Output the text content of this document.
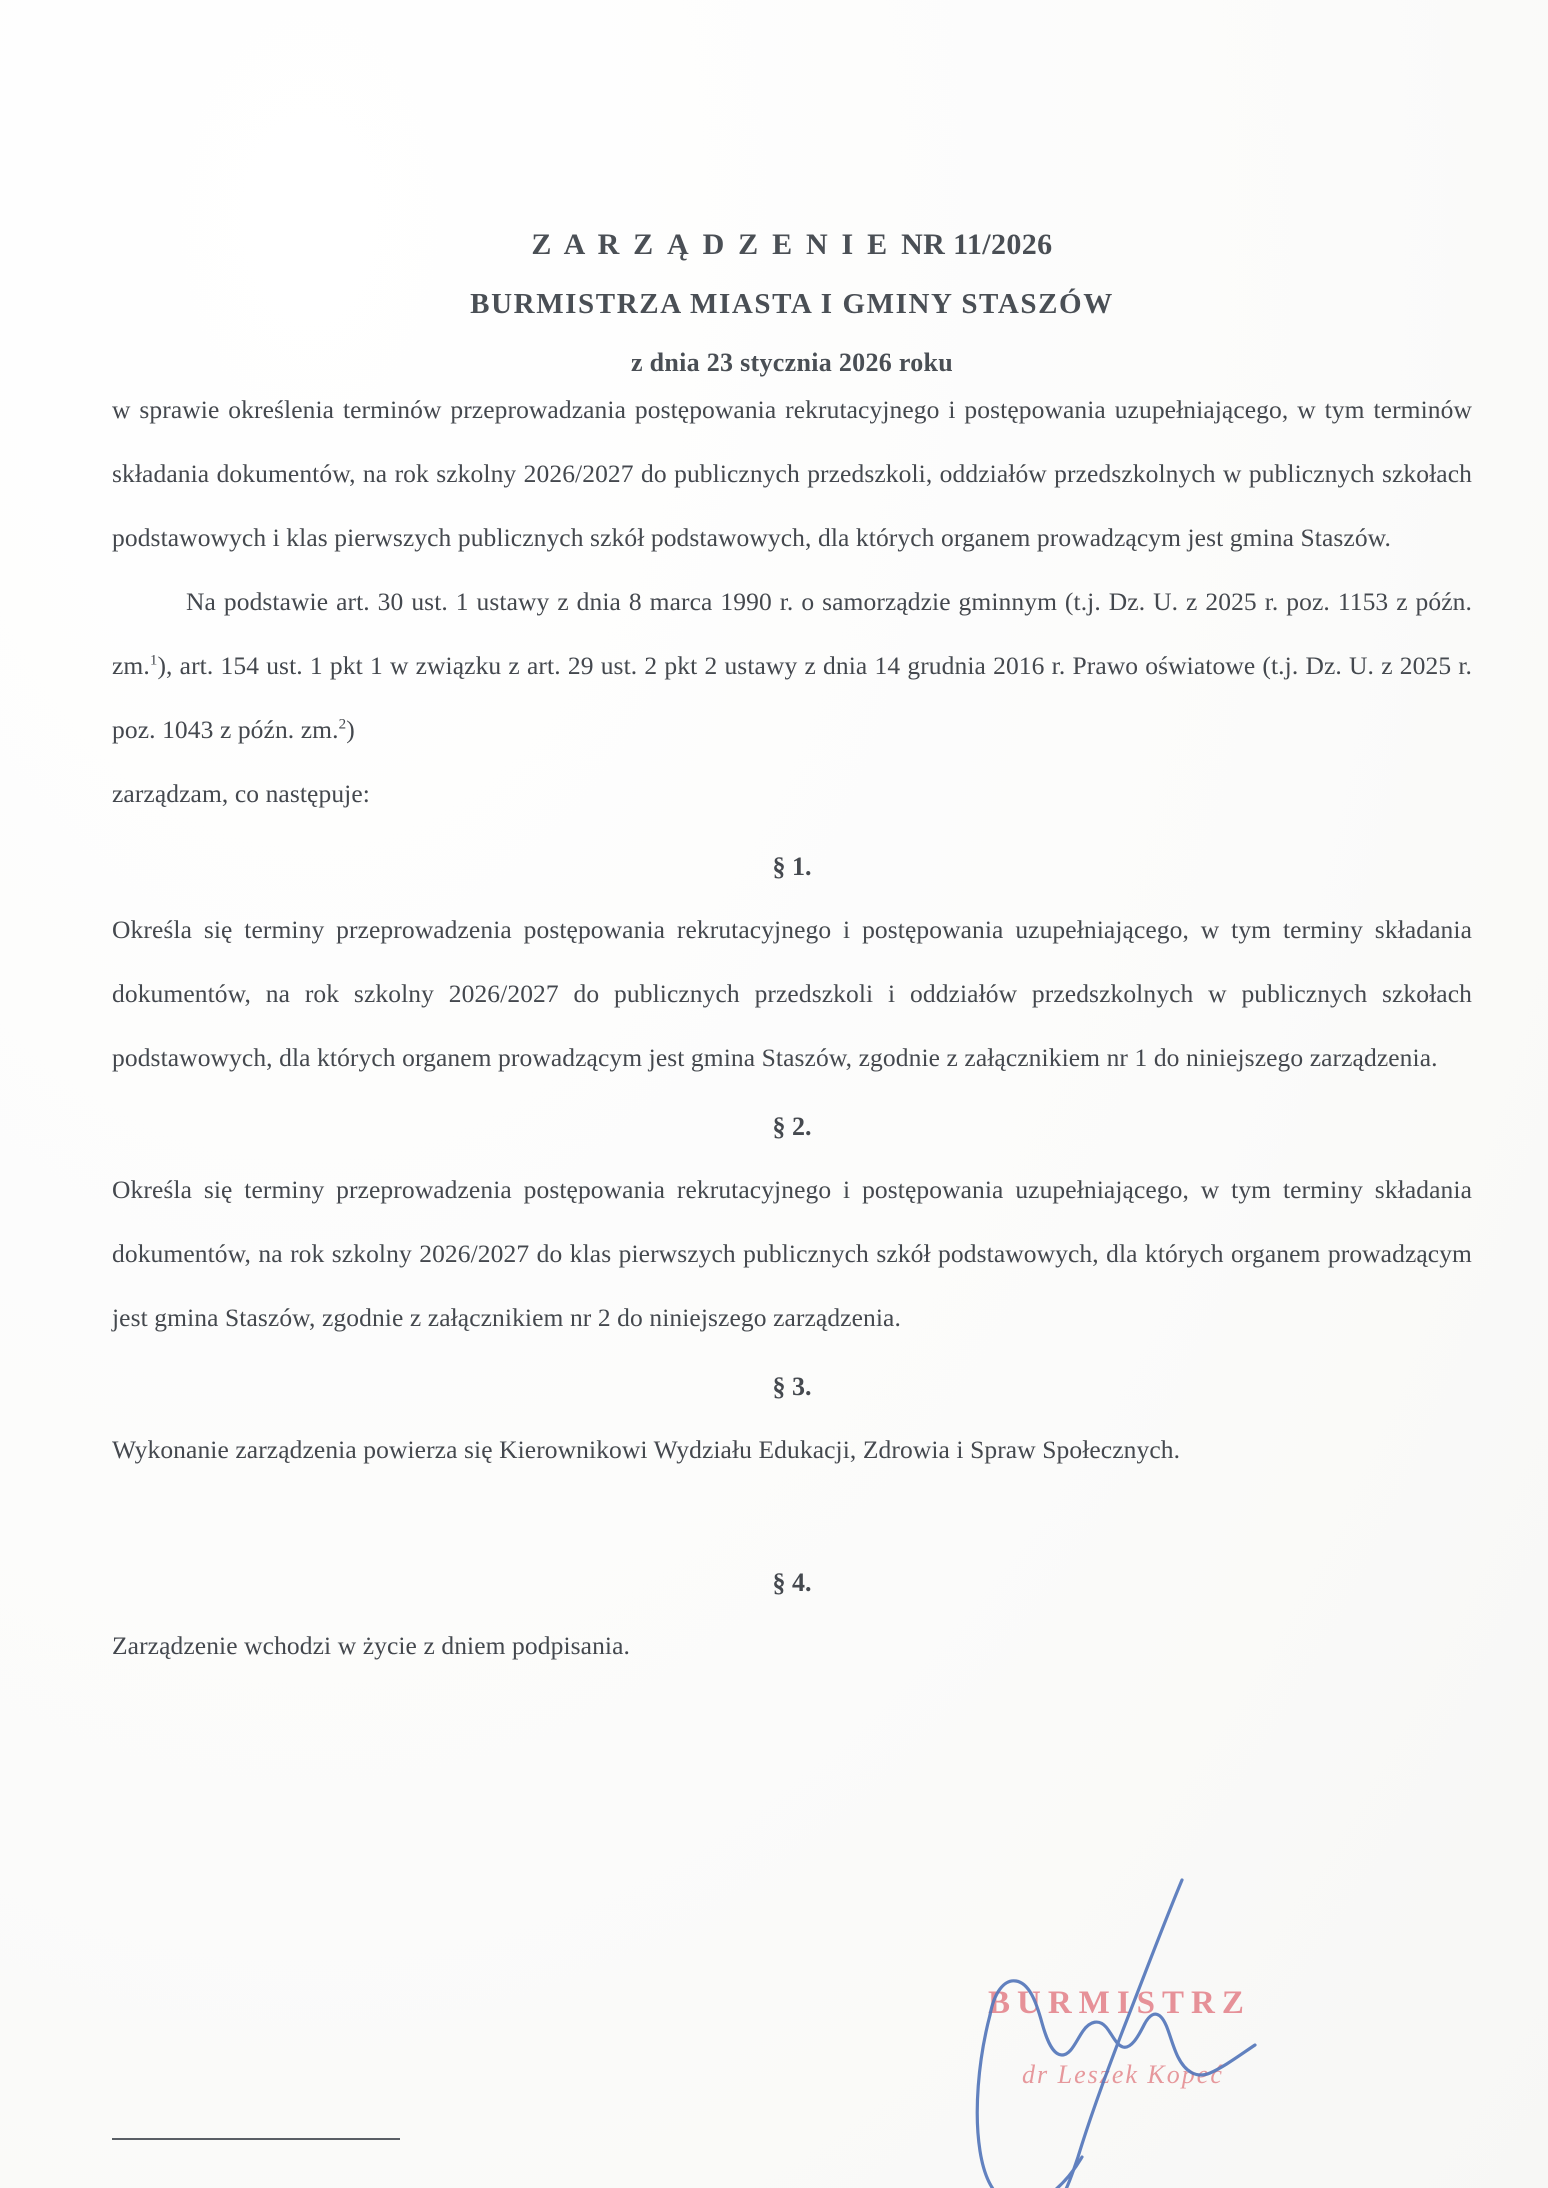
Z A R Z Ą D Z E N I E NR 11/2026
BURMISTRZA MIASTA I GMINY STASZÓW
z dnia 23 stycznia 2026 roku

w sprawie określenia terminów przeprowadzania postępowania rekrutacyjnego i postępowania uzupełniającego, w tym terminów składania dokumentów, na rok szkolny 2026/2027 do publicznych przedszkoli, oddziałów przedszkolnych w publicznych szkołach podstawowych i klas pierwszych publicznych szkół podstawowych, dla których organem prowadzącym jest gmina Staszów.

Na podstawie art. 30 ust. 1 ustawy z dnia 8 marca 1990 r. o samorządzie gminnym (t.j. Dz. U. z 2025 r. poz. 1153 z późn. zm.$^1$), art. 154 ust. 1 pkt 1 w związku z art. 29 ust. 2 pkt 2 ustawy z dnia 14 grudnia 2016 r. Prawo oświatowe (t.j. Dz. U. z 2025 r. poz. 1043 z późn. zm.$^2$)

zarządzam, co następuje:

§ 1.

Określa się terminy przeprowadzenia postępowania rekrutacyjnego i postępowania uzupełniającego, w tym terminy składania dokumentów, na rok szkolny 2026/2027 do publicznych przedszkoli i oddziałów przedszkolnych w publicznych szkołach podstawowych, dla których organem prowadzącym jest gmina Staszów, zgodnie z załącznikiem nr 1 do niniejszego zarządzenia.

§ 2.

Określa się terminy przeprowadzenia postępowania rekrutacyjnego i postępowania uzupełniającego, w tym terminy składania dokumentów, na rok szkolny 2026/2027 do klas pierwszych publicznych szkół podstawowych, dla których organem prowadzącym jest gmina Staszów, zgodnie z załącznikiem nr 2 do niniejszego zarządzenia.

§ 3.

Wykonanie zarządzenia powierza się Kierownikowi Wydziału Edukacji, Zdrowia i Spraw Społecznych.

§ 4.

Zarządzenie wchodzi w życie z dniem podpisania.

BURMISTRZ
dr Leszek Kopeć
